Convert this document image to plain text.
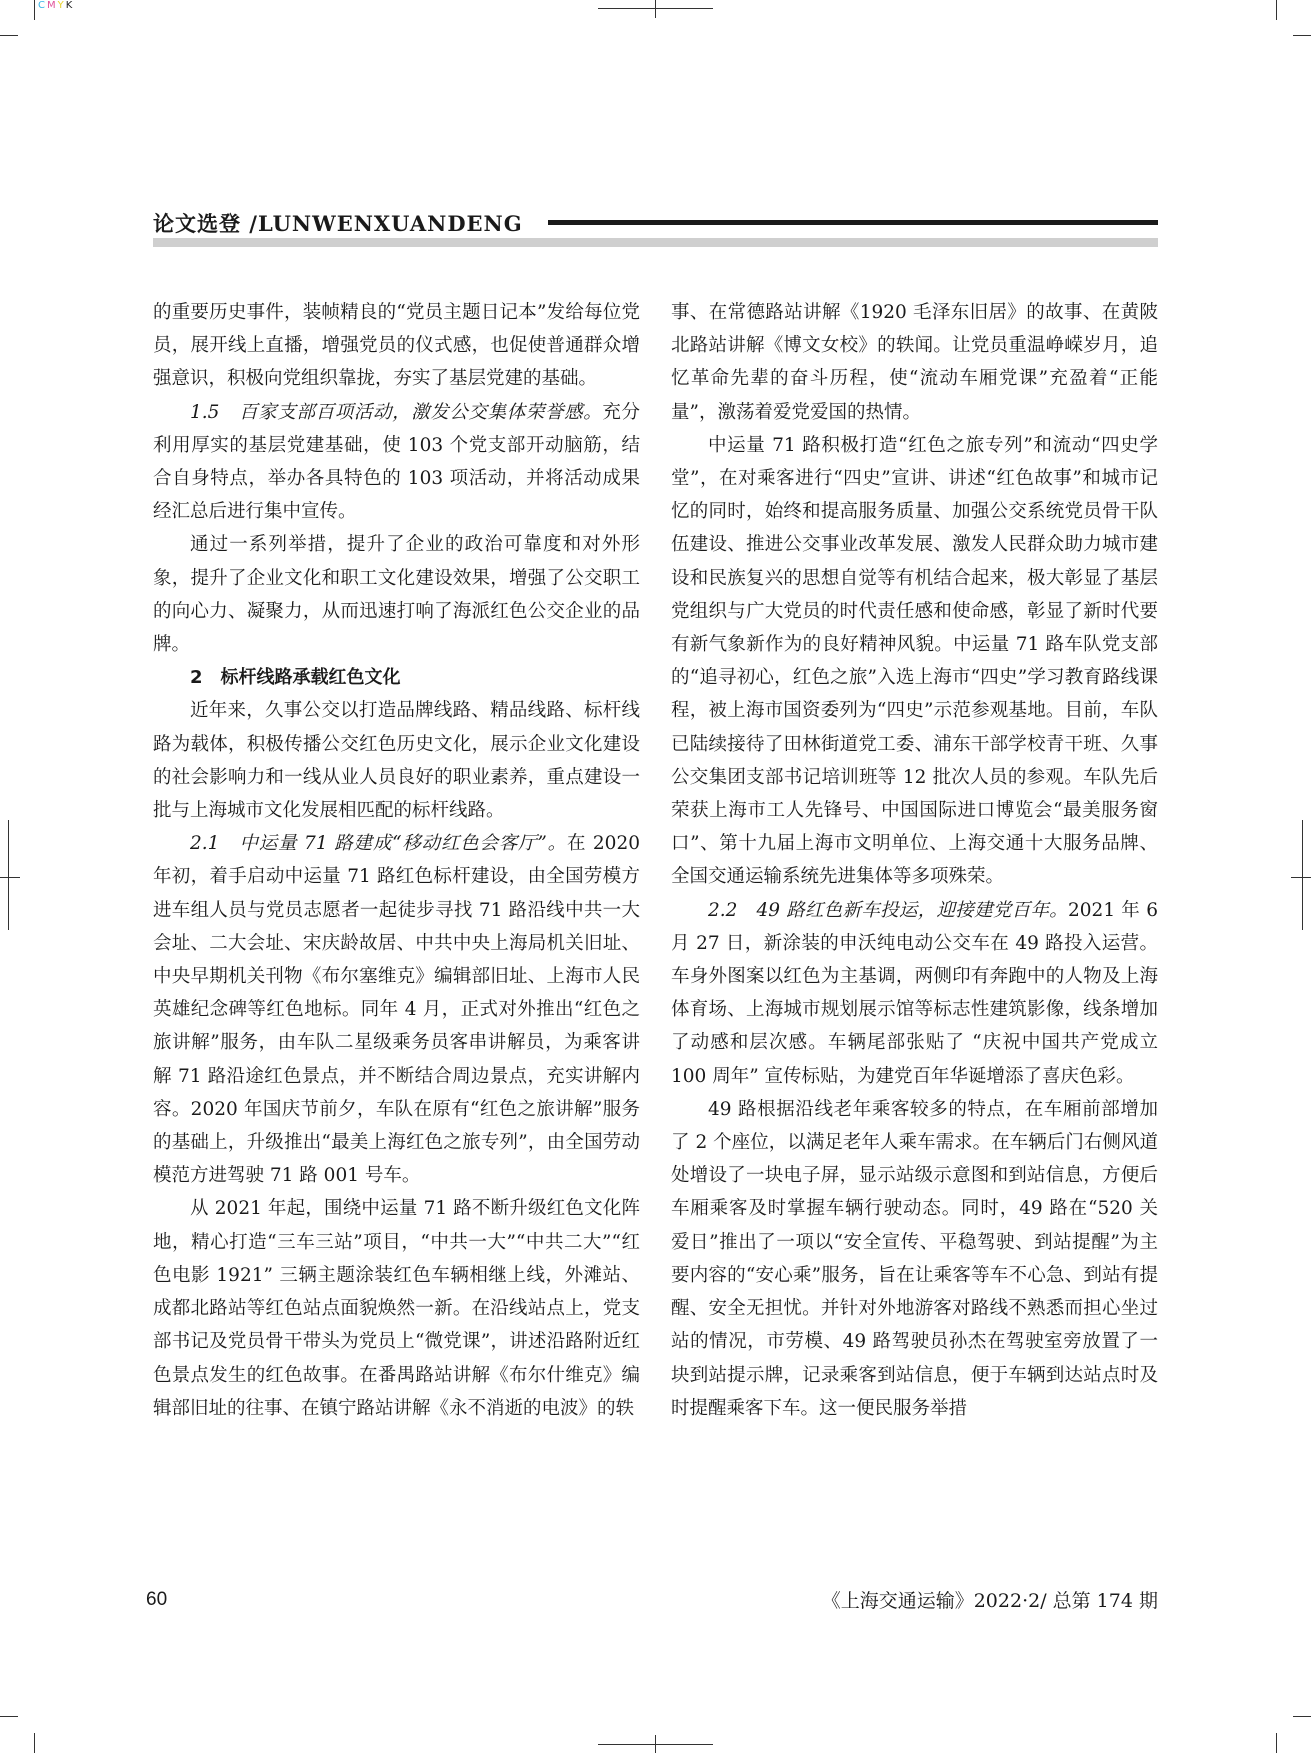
CMYK
论文选登 /LUNWENXUANDENG

的重要历史事件，装帧精良的“党员主题日记本”发给每位党员，展开线上直播，增强党员的仪式感，也促使普通群众增强意识，积极向党组织靠拢，夯实了基层党建的基础。

1.5　百家支部百项活动，激发公交集体荣誉感。充分利用厚实的基层党建基础，使 103 个党支部开动脑筋，结合自身特点，举办各具特色的 103 项活动，并将活动成果经汇总后进行集中宣传。

通过一系列举措，提升了企业的政治可靠度和对外形象，提升了企业文化和职工文化建设效果，增强了公交职工的向心力、凝聚力，从而迅速打响了海派红色公交企业的品牌。

2　标杆线路承载红色文化

近年来，久事公交以打造品牌线路、精品线路、标杆线路为载体，积极传播公交红色历史文化，展示企业文化建设的社会影响力和一线从业人员良好的职业素养，重点建设一批与上海城市文化发展相匹配的标杆线路。

2.1　中运量 71 路建成“移动红色会客厅”。在 2020 年初，着手启动中运量 71 路红色标杆建设，由全国劳模方进车组人员与党员志愿者一起徒步寻找 71 路沿线中共一大会址、二大会址、宋庆龄故居、中共中央上海局机关旧址、中央早期机关刊物《布尔塞维克》编辑部旧址、上海市人民英雄纪念碑等红色地标。同年 4 月，正式对外推出“红色之旅讲解”服务，由车队二星级乘务员客串讲解员，为乘客讲解 71 路沿途红色景点，并不断结合周边景点，充实讲解内容。2020 年国庆节前夕，车队在原有“红色之旅讲解”服务的基础上，升级推出“最美上海红色之旅专列”，由全国劳动模范方进驾驶 71 路 001 号车。

从 2021 年起，围绕中运量 71 路不断升级红色文化阵地，精心打造“三车三站”项目，“中共一大”“中共二大”“红色电影 1921” 三辆主题涂装红色车辆相继上线，外滩站、成都北路站等红色站点面貌焕然一新。在沿线站点上，党支部书记及党员骨干带头为党员上“微党课”，讲述沿路附近红色景点发生的红色故事。在番禺路站讲解《布尔什维克》编辑部旧址的往事、在镇宁路站讲解《永不消逝的电波》的轶

事、在常德路站讲解《1920 毛泽东旧居》的故事、在黄陂北路站讲解《博文女校》的轶闻。让党员重温峥嵘岁月，追忆革命先辈的奋斗历程，使“流动车厢党课”充盈着“正能量”，激荡着爱党爱国的热情。

中运量 71 路积极打造“红色之旅专列”和流动“四史学堂”，在对乘客进行“四史”宣讲、讲述“红色故事”和城市记忆的同时，始终和提高服务质量、加强公交系统党员骨干队伍建设、推进公交事业改革发展、激发人民群众助力城市建设和民族复兴的思想自觉等有机结合起来，极大彰显了基层党组织与广大党员的时代责任感和使命感，彰显了新时代要有新气象新作为的良好精神风貌。中运量 71 路车队党支部的“追寻初心，红色之旅”入选上海市“四史”学习教育路线课程，被上海市国资委列为“四史”示范参观基地。目前，车队已陆续接待了田林街道党工委、浦东干部学校青干班、久事公交集团支部书记培训班等 12 批次人员的参观。车队先后荣获上海市工人先锋号、中国国际进口博览会“最美服务窗口”、第十九届上海市文明单位、上海交通十大服务品牌、全国交通运输系统先进集体等多项殊荣。

2.2　49 路红色新车投运，迎接建党百年。2021 年 6 月 27 日，新涂装的申沃纯电动公交车在 49 路投入运营。车身外图案以红色为主基调，两侧印有奔跑中的人物及上海体育场、上海城市规划展示馆等标志性建筑影像，线条增加了动感和层次感。车辆尾部张贴了 “庆祝中国共产党成立 100 周年” 宣传标贴，为建党百年华诞增添了喜庆色彩。

49 路根据沿线老年乘客较多的特点，在车厢前部增加了 2 个座位，以满足老年人乘车需求。在车辆后门右侧风道处增设了一块电子屏，显示站级示意图和到站信息，方便后车厢乘客及时掌握车辆行驶动态。同时，49 路在“520 关爱日”推出了一项以“安全宣传、平稳驾驶、到站提醒”为主要内容的“安心乘”服务，旨在让乘客等车不心急、到站有提醒、安全无担忧。并针对外地游客对路线不熟悉而担心坐过站的情况，市劳模、49 路驾驶员孙杰在驾驶室旁放置了一块到站提示牌，记录乘客到站信息，便于车辆到达站点时及时提醒乘客下车。这一便民服务举措

60	《上海交通运输》2022·2/ 总第 174 期
